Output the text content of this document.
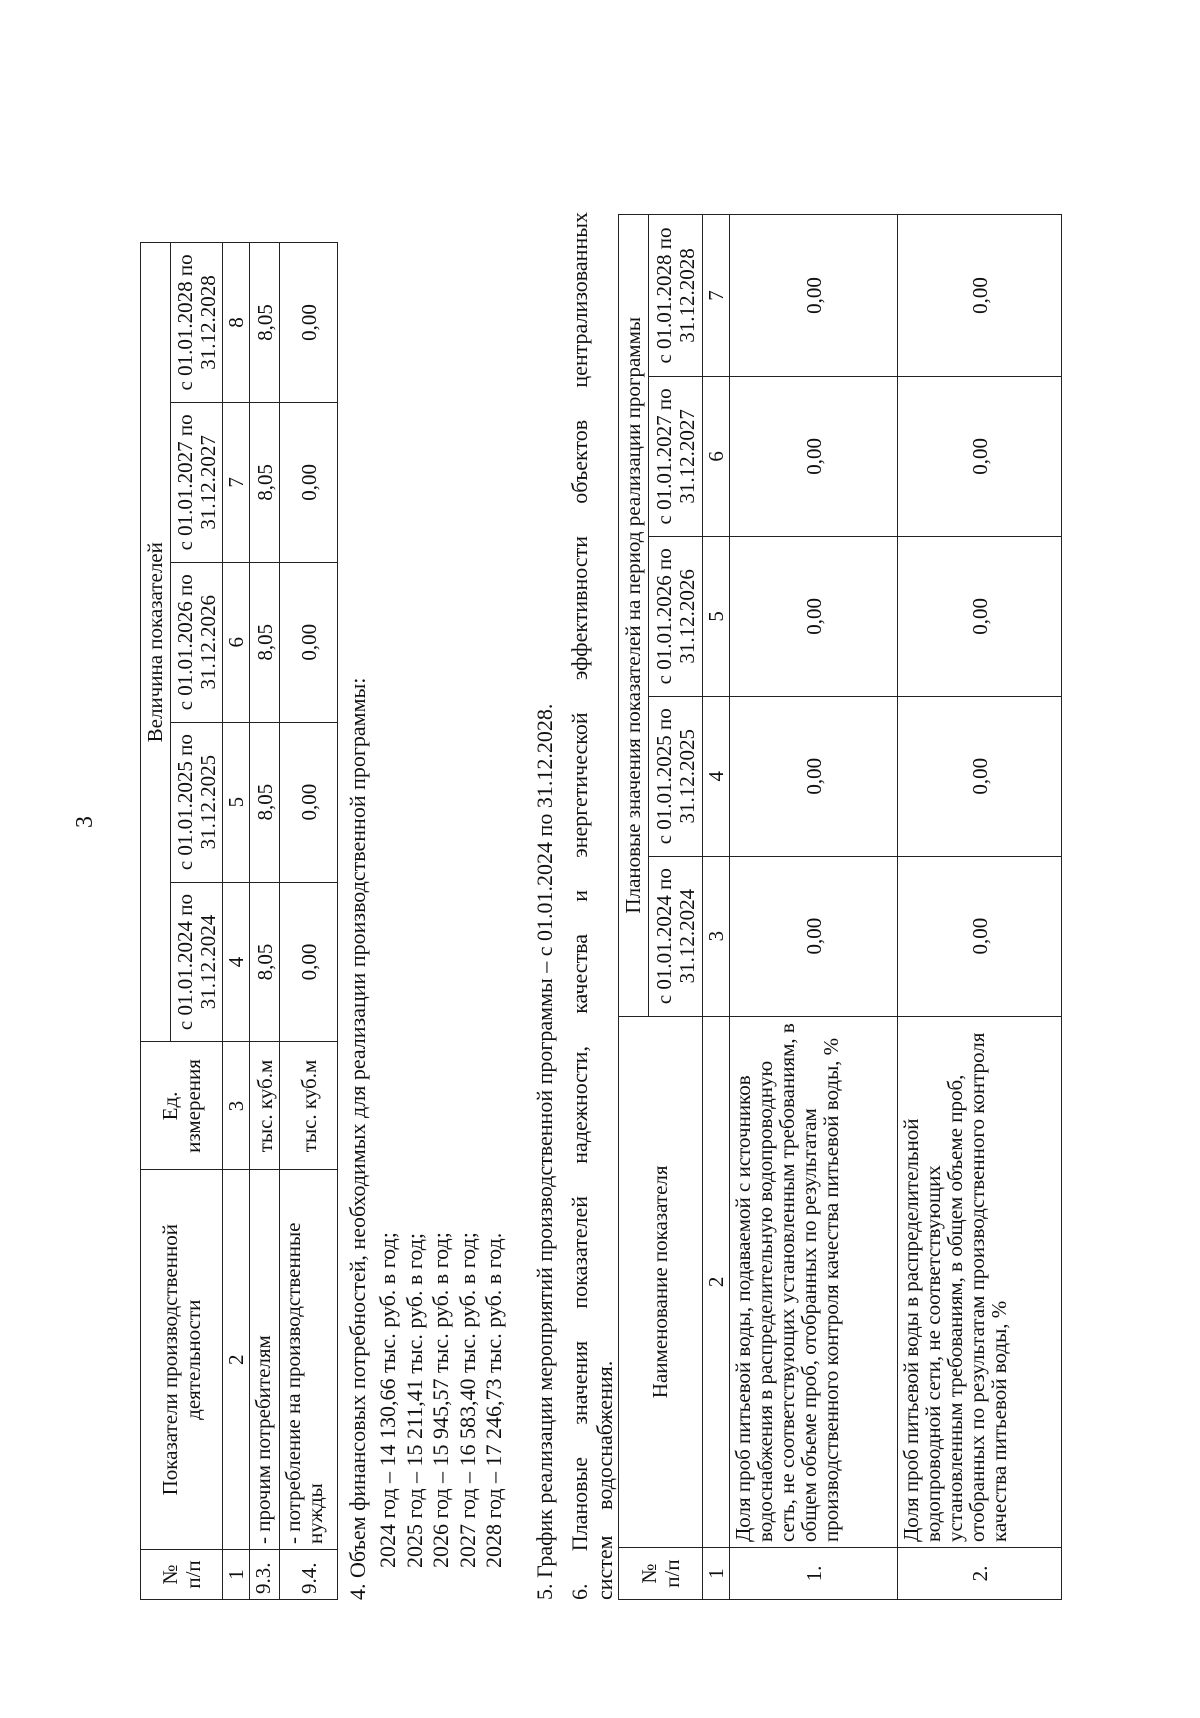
3
№ п/п	Показатели производственной деятельности	Ед. измерения	Величина показателей				
			с 01.01.2024 по 31.12.2024	с 01.01.2025 по 31.12.2025	с 01.01.2026 по 31.12.2026	с 01.01.2027 по 31.12.2027	с 01.01.2028 по 31.12.2028
1	2	3	4	5	6	7	8
9.3.	- прочим потребителям	тыс. куб.м	8,05	8,05	8,05	8,05	8,05
9.4.	- потребление на производственные нужды	тыс. куб.м	0,00	0,00	0,00	0,00	0,00
4. Объем финансовых потребностей, необходимых для реализации производственной программы: 2024 год – 14 130,66 тыс. руб. в год; 2025 год – 15 211,41 тыс. руб. в год; 2026 год – 15 945,57 тыс. руб. в год; 2027 год – 16 583,40 тыс. руб. в год; 2028 год – 17 246,73 тыс. руб. в год. 5. График реализации мероприятий производственной программы – с 01.01.2024 по 31.12.2028. 6. Плановые значения показателей надежности, качества и энергетической эффективности объектов централизованных систем водоснабжения. № п/п	Наименование показателя	Плановые значения показателей на период реализации программы				
		с 01.01.2024 по 31.12.2024	с 01.01.2025 по 31.12.2025	с 01.01.2026 по 31.12.2026	с 01.01.2027 по 31.12.2027	с 01.01.2028 по 31.12.2028
1	2	3	4	5	6	7
1.	Доля проб питьевой воды, подаваемой с источников водоснабжения в распределительную водопроводную сеть, не соответствующих установленным требованиям, в общем объеме проб, отобранных по результатам производственного контроля качества питьевой воды, %	0,00	0,00	0,00	0,00	0,00
2.	Доля проб питьевой воды в распределительной водопроводной сети, не соответствующих установленным требованиям, в общем объеме проб, отобранных по результатам производственного контроля качества питьевой воды, %	0,00	0,00	0,00	0,00	0,00
